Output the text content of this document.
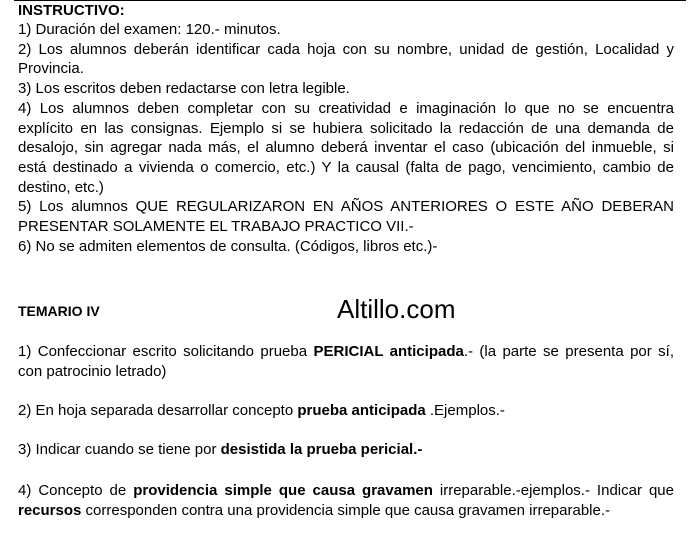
INSTRUCTIVO:
1) Duración del examen: 120.- minutos.
2) Los alumnos deberán identificar cada hoja con su nombre, unidad de gestión, Localidad y Provincia.
3) Los escritos deben redactarse con letra legible.
4) Los alumnos deben completar con su creatividad e imaginación lo que no se encuentra explícito en las consignas. Ejemplo si se hubiera solicitado la redacción de una demanda de desalojo, sin agregar nada más, el alumno deberá inventar el caso (ubicación del inmueble, si está destinado a vivienda o comercio, etc.) Y la causal (falta de pago, vencimiento, cambio de destino, etc.)
5) Los alumnos QUE REGULARIZARON EN AÑOS ANTERIORES O ESTE AÑO DEBERAN PRESENTAR SOLAMENTE EL TRABAJO PRACTICO VII.-
6) No se admiten elementos de consulta. (Códigos, libros etc.)-
TEMARIO IV	Altillo.com

1) Confeccionar escrito solicitando prueba PERICIAL anticipada.- (la parte se presenta por sí, con patrocinio letrado)

2) En hoja separada desarrollar concepto prueba anticipada .Ejemplos.-

3) Indicar cuando se tiene por desistida la prueba pericial.-

4) Concepto de providencia simple que causa gravamen irreparable.-ejemplos.- Indicar que recursos corresponden contra una providencia simple que causa gravamen irreparable.-
